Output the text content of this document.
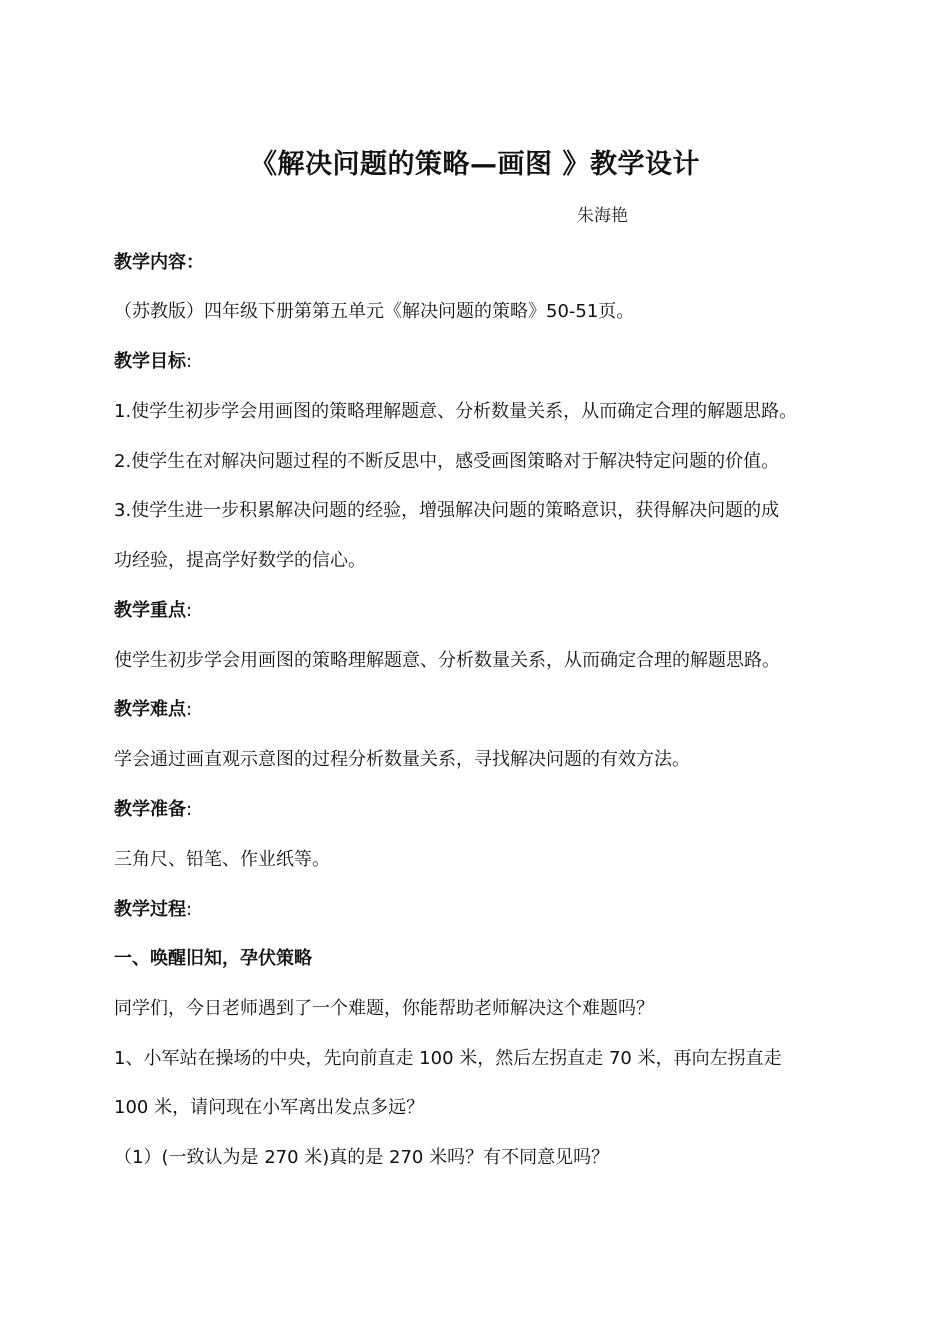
《解决问题的策略—画图 》教学设计
朱海艳
教学内容：
（苏教版）四年级下册第第五单元《解决问题的策略》50-51页。
教学目标:
1.使学生初步学会用画图的策略理解题意、分析数量关系，从而确定合理的解题思路。
2.使学生在对解决问题过程的不断反思中，感受画图策略对于解决特定问题的价值。
3.使学生进一步积累解决问题的经验，增强解决问题的策略意识，获得解决问题的成
功经验，提高学好数学的信心。
教学重点:
使学生初步学会用画图的策略理解题意、分析数量关系，从而确定合理的解题思路。
教学难点:
学会通过画直观示意图的过程分析数量关系，寻找解决问题的有效方法。
教学准备:
三角尺、铅笔、作业纸等。
教学过程:
一、唤醒旧知，孕伏策略
同学们，今日老师遇到了一个难题，你能帮助老师解决这个难题吗？
1、小军站在操场的中央，先向前直走 100 米，然后左拐直走 70 米，再向左拐直走
100 米，请问现在小军离出发点多远？
（1）(一致认为是 270 米)真的是 270 米吗？有不同意见吗？
